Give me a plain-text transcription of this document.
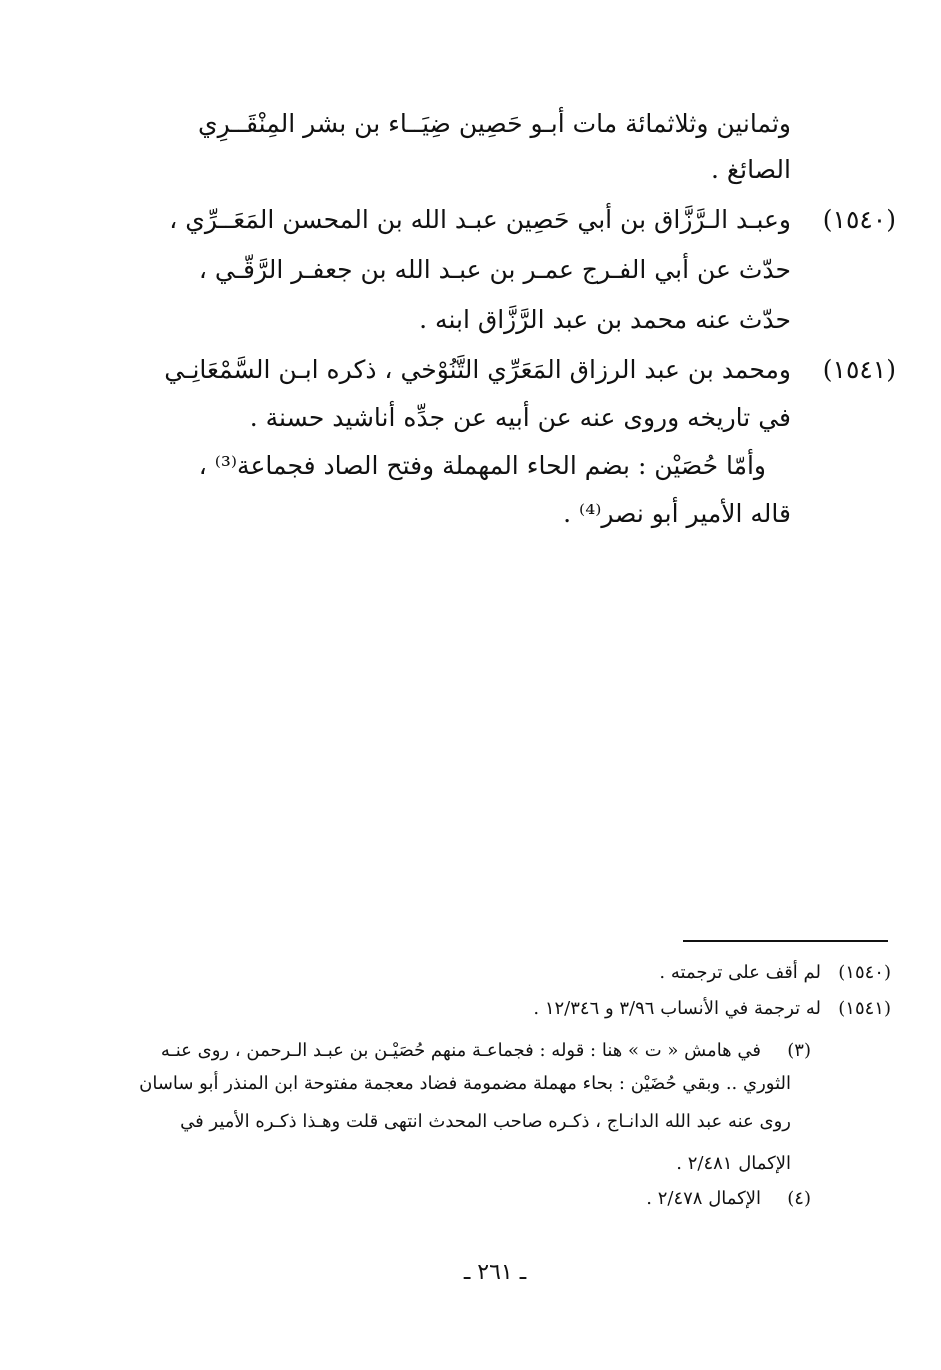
وثمانين وثلاثمائة مات أبـو حَصِين ضِيَــاء بن بشر المِنْقَــرِي
الصائغ .
(١٥٤٠)
وعبـد الـرَّزَّاق بن أبي حَصِين عبـد الله بن المحسن المَعَــرِّي ،
حدّث عن أبي الفـرج عمـر بن عبـد الله بن جعفـر الرَّقّـي ،
حدّث عنه محمد بن عبد الرَّزَّاق ابنه .
(١٥٤١)
ومحمد بن عبد الرزاق المَعَرِّي التَّنُوْخي ، ذكره ابـن السَّمْعَانِـي
في تاريخه وروى عنه عن أبيه عن جدِّه أناشيد حسنة .
وأمّا حُصَيْن : بضم الحاء المهملة وفتح الصاد فجماعة⁽³⁾ ،
قاله الأمير أبو نصر⁽⁴⁾ .
(١٥٤٠)
لم أقف على ترجمته .
(١٥٤١)
له ترجمة في الأنساب ٣/٩٦ و ١٢/٣٤٦ .
(٣)
في هامش « ت » هنا : قوله : فجماعـة منهم حُصَيْـن بن عبـد الـرحمن ، روى عنـه
الثوري .. وبقي حُضَيْن : بحاء مهملة مضمومة فضاد معجمة مفتوحة ابن المنذر أبو ساسان
روى عنه عبد الله الدانـاج ، ذكـره صاحب المحدث انتهى قلت وهـذا ذكـره الأمير في
الإكمال ٢/٤٨١ .
(٤)
الإكمال ٢/٤٧٨ .
ـ ٢٦١ ـ
